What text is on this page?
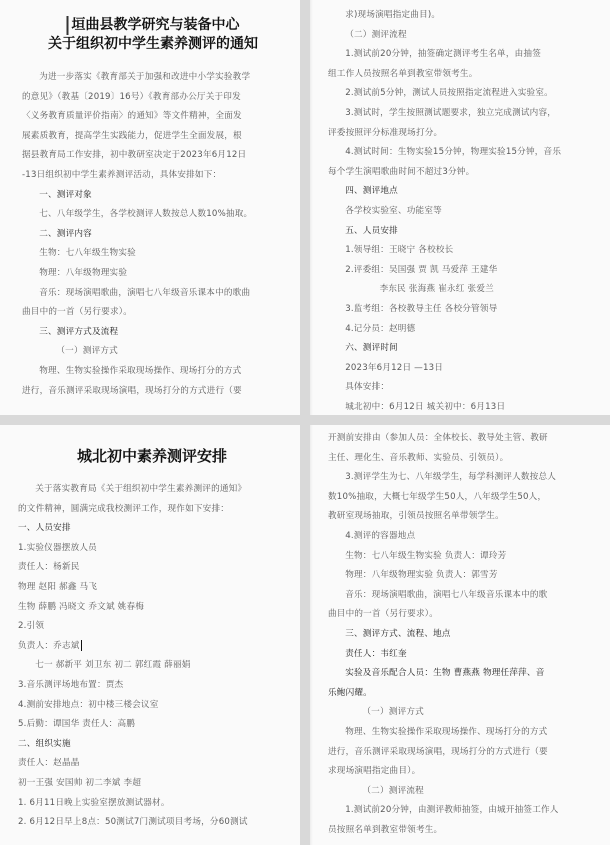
垣曲县教学研究与装备中心

关于组织初中学生素养测评的通知

为进一步落实《教育部关于加强和改进中小学实验教学
的意见》（教基〔2019〕16号）《教育部办公厅关于印发
〈义务教育质量评价指南〉的通知》等文件精神，全面发
展素质教育，提高学生实践能力，促进学生全面发展，根
据县教育局工作安排，初中教研室决定于2023年6月12日
-13日组织初中学生素养测评活动，具体安排如下：
一、测评对象
七、八年级学生，各学校测评人数按总人数10%抽取。
二、测评内容
生物：七八年级生物实验
物理：八年级物理实验
音乐：现场演唱歌曲，演唱七八年级音乐课本中的歌曲
曲目中的一首（另行要求）。
三、测评方式及流程
（一）测评方式
物理、生物实验操作采取现场操作、现场打分的方式
进行，音乐测评采取现场演唱，现场打分的方式进行（要
求)现场演唱指定曲目)。
（二）测评流程
1.测试前20分钟，抽签确定测评考生名单，由抽签
组工作人员按照名单到教室带领考生。
2.测试前5分钟，测试人员按照指定流程进入实验室。
3.测试时，学生按照测试题要求，独立完成测试内容，
评委按照评分标准现场打分。
4.测试时间：生物实验15分钟，物理实验15分钟，音乐
每个学生演唱歌曲时间不超过3分钟。
四、测评地点
各学校实验室、功能室等
五、人员安排
1.领导组：王晓宁 各校校长
2.评委组：吴国强 贾 凯 马爱萍 王建华
李东民 张海燕 崔永红 张爱兰
3.监考组：各校教导主任 各校分管领导
4.记分员：赵明德
六、测评时间
2023年6月12日 —13日
具体安排：
城北初中：6月12日 城关初中：6月13日

城北初中素养测评安排

关于落实教育局《关于组织初中学生素养测评的通知》
的文件精神，圆满完成我校测评工作，现作如下安排：
一、人员安排
1.实验仪器摆放人员
责任人：杨新民
物理 赵阳 郝鑫 马飞
生物 薛鹏 冯晓文 乔文斌 姚春梅
2.引领
负责人：乔志斌
七一 郝新平 刘卫东 初二 郭红霞 薛丽娟
3.音乐测评场地布置：贾杰
4.测前安排地点：初中楼三楼会议室
5.后勤：谭国华 责任人：高鹏
二、组织实施
责任人：赵晶晶
初一王强 安国帅 初二李斌 李超
1. 6月11日晚上实验室摆放测试器材。
2. 6月12日早上8点：50测试7门测试项目考场，分60测试
开测前安排由（参加人员：全体校长、教导处主管、教研
主任、理化生、音乐教师、实验员、引领员）。
3.测评学生为七、八年级学生，每学科测评人数按总人
数10%抽取，大概七年级学生50人，八年级学生50人，
教研室现场抽取，引领员按照名单带领学生。
4.测评的容器地点
生物：七八年级生物实验 负责人：谭玲芳
物理：八年级物理实验 负责人：郭雪芳
音乐：现场演唱歌曲，演唱七八年级音乐课本中的歌
曲目中的一首（另行要求）。
三、测评方式、流程、地点
责任人：韦红奎
实验及音乐配合人员：生物 曹燕燕 物理任萍萍、音
乐鲍闪耀。
（一）测评方式
物理、生物实验操作采取现场操作、现场打分的方式
进行，音乐测评采取现场演唱，现场打分的方式进行（要
求现场演唱指定曲目）。
（二）测评流程
1.测试前20分钟，由测评教师抽签，由城开抽签工作人
员按照名单到教室带领考生。
